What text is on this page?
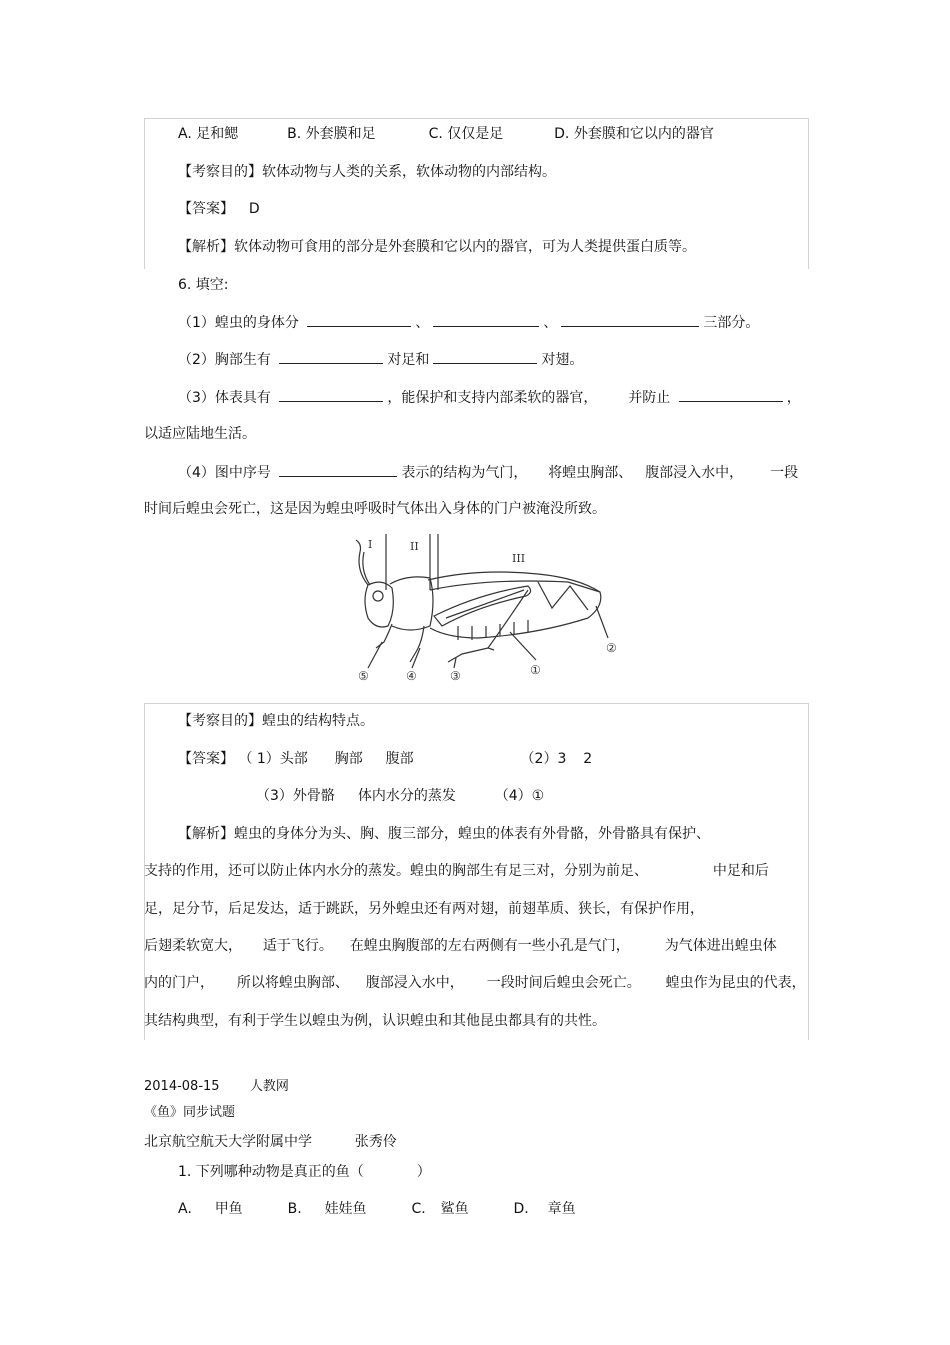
A. 足和鳃	B. 外套膜和足	C. 仅仅是足	D. 外套膜和它以内的器官
【考察目的】软体动物与人类的关系，软体动物的内部结构。
【答案】 D
【解析】软体动物可食用的部分是外套膜和它以内的器官，可为人类提供蛋白质等。
6. 填空:
（1）蝗虫的身体分	、	、	三部分。
（2）胸部生有	对足和	对翅。
（3）体表具有	，能保护和支持内部柔软的器官， 并防止	，
以适应陆地生活。
（4）图中序号	表示的结构为气门， 将蝗虫胸部、 腹部浸入水中， 一段
时间后蝗虫会死亡，这是因为蝗虫呼吸时气体出入身体的门户被淹没所致。
I	II
III
⑤	④	③	①
②
【考察目的】蝗虫的结构特点。
【答案】 （ 1）头部 胸部 腹部	（2）3 2
（3）外骨骼 体内水分的蒸发	（4）①
【解析】蝗虫的身体分为头、胸、腹三部分，蝗虫的体表有外骨骼，外骨骼具有保护、
支持的作用，还可以防止体内水分的蒸发。蝗虫的胸部生有足三对，分别为前足、	中足和后
足，足分节，后足发达，适于跳跃，另外蝗虫还有两对翅，前翅革质、狭长，有保护作用，
后翅柔软宽大， 适于飞行。 在蝗虫胸腹部的左右两侧有一些小孔是气门， 为气体进出蝗虫体
内的门户， 所以将蝗虫胸部、 腹部浸入水中， 一段时间后蝗虫会死亡。 蝗虫作为昆虫的代表，
其结构典型，有利于学生以蝗虫为例，认识蝗虫和其他昆虫都具有的共性。
2014-08-15 人教网
《鱼》同步试题
北京航空航天大学附属中学	张秀伶
1. 下列哪种动物是真正的鱼（	）
A. 甲鱼	B. 娃娃鱼	C. 鲨鱼	D. 章鱼
